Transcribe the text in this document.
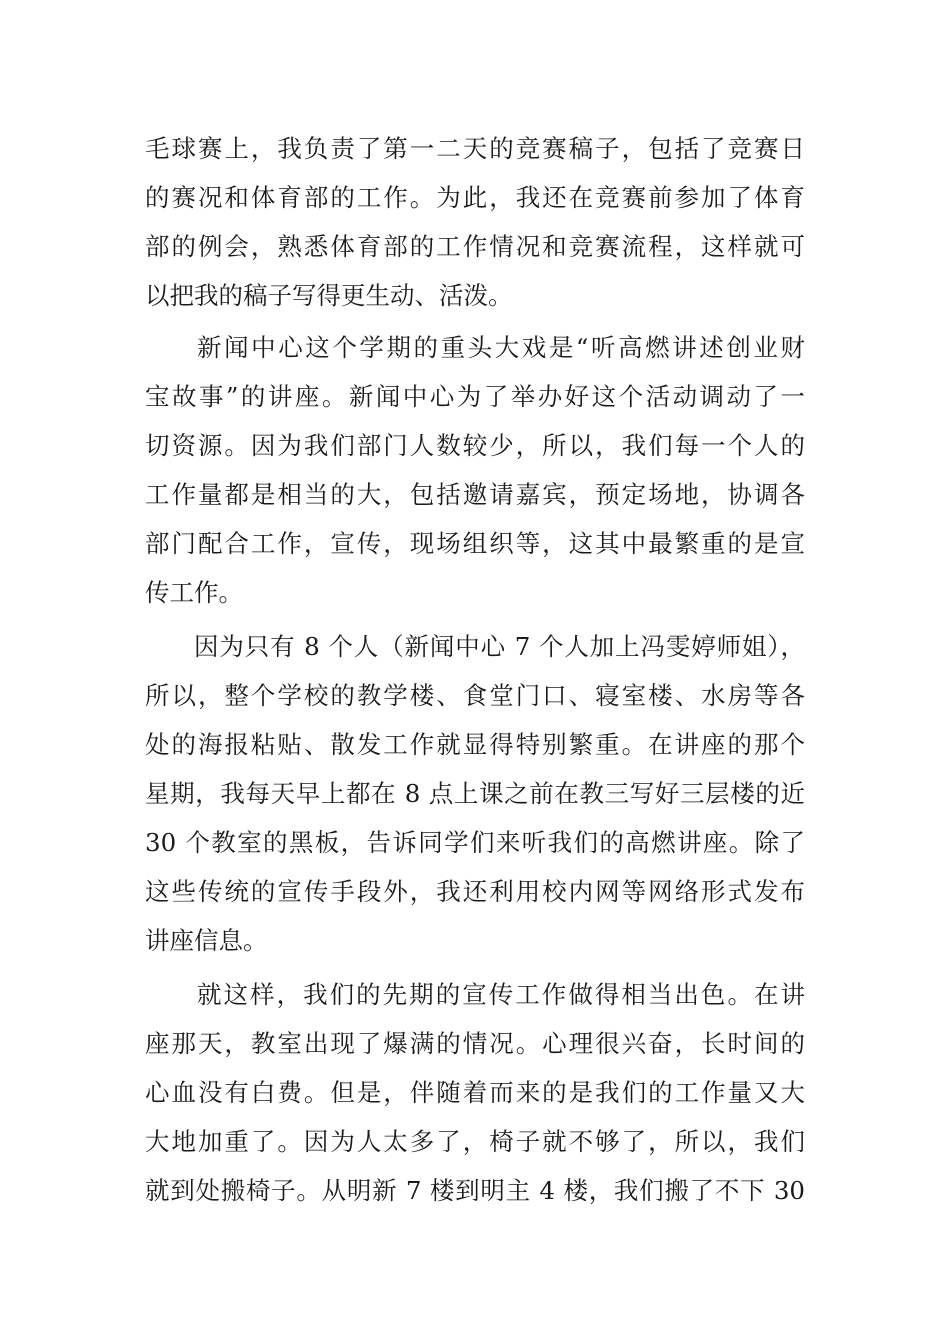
毛球赛上，我负责了第一二天的竞赛稿子，包括了竞赛日
的赛况和体育部的工作。为此，我还在竞赛前参加了体育
部的例会，熟悉体育部的工作情况和竞赛流程，这样就可
以把我的稿子写得更生动、活泼。
新闻中心这个学期的重头大戏是“听高燃讲述创业财
宝故事”的讲座。新闻中心为了举办好这个活动调动了一
切资源。因为我们部门人数较少，所以，我们每一个人的
工作量都是相当的大，包括邀请嘉宾，预定场地，协调各
部门配合工作，宣传，现场组织等，这其中最繁重的是宣
传工作。
因为只有 8 个人（新闻中心 7 个人加上冯雯婷师姐），
所以，整个学校的教学楼、食堂门口、寝室楼、水房等各
处的海报粘贴、散发工作就显得特别繁重。在讲座的那个
星期，我每天早上都在 8 点上课之前在教三写好三层楼的近
30 个教室的黑板，告诉同学们来听我们的高燃讲座。除了
这些传统的宣传手段外，我还利用校内网等网络形式发布
讲座信息。
就这样，我们的先期的宣传工作做得相当出色。在讲
座那天，教室出现了爆满的情况。心理很兴奋，长时间的
心血没有白费。但是，伴随着而来的是我们的工作量又大
大地加重了。因为人太多了，椅子就不够了，所以，我们
就到处搬椅子。从明新 7 楼到明主 4 楼，我们搬了不下 30
